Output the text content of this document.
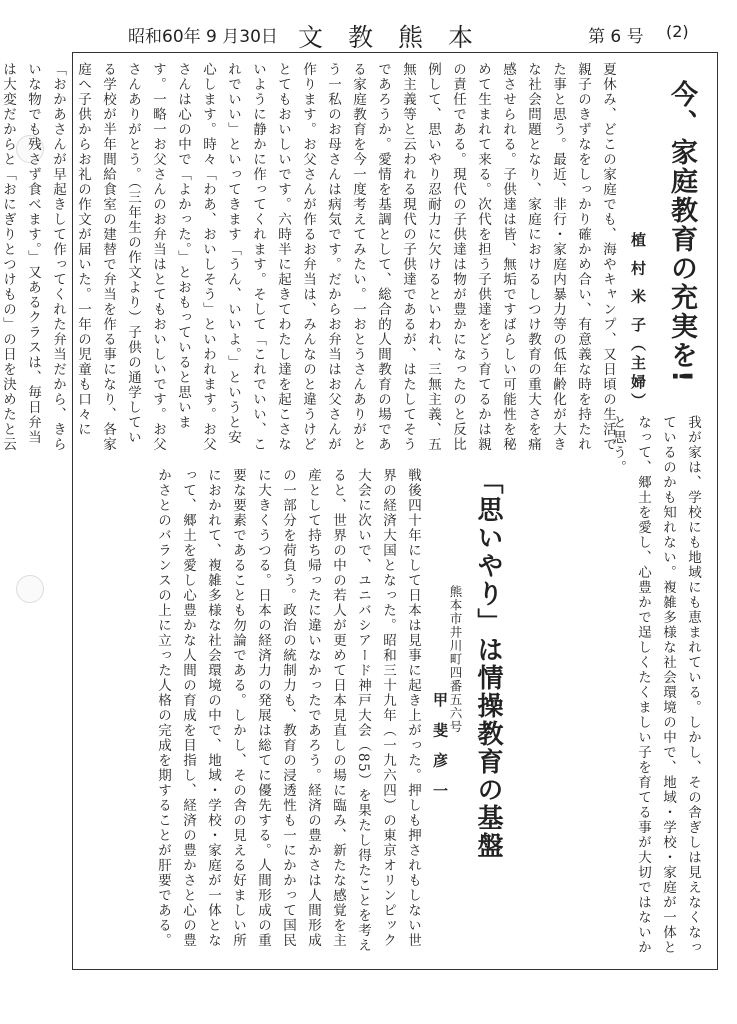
昭和60年 9 月30日 文教熊本	第 6 号 (2)
今、家庭教育の充実を!
植 村 米 子（主婦）
夏休み、どこの家庭でも、海やキャンプ、又日頃の生活で親子のきずなをしっかり確かめ合い、有意義な時を持たれた事と思う。最近、非行・家庭内暴力等の低年齢化が大きな社会問題となり、家庭におけるしつけ教育の重大さを痛感させられる。子供達は皆、無垢ですばらしい可能性を秘めて生まれて来る。次代を担う子供達をどう育てるかは親の責任である。現代の子供達は物が豊かになったのと反比例して、思いやり忍耐力に欠けるといわれ、三無主義、五無主義等と云われる現代の子供達であるが、はたしてそうであろうか。愛情を基調として、総合的人間教育の場である家庭教育を今一度考えてみたい。一おとうさんありがとう一私のお母さんは病気です。だからお弁当はお父さんが作ります。お父さんが作るお弁当は、みんなのと違うけどとてもおいしいです。六時半に起きてわたし達を起こさないように静かに作ってくれます。そして「これでいい、これでいい」といってきます「うん、いいよ。」というと安心します。時々「わあ、おいしそう」といわれます。お父さんは心の中で「よかった。」とおもっていると思います。一略一お父さんのお弁当はとてもおいしいです。お父さんありがとう。（三年生の作文より）子供の通学している学校が半年間給食室の建替で弁当を作る事になり、各家庭へ子供からお礼の作文が届いた。一年の児童も口々に「おかあさんが早起きして作ってくれた弁当だから、きらいな物でも残さず食べます。」又あるクラスは、毎日弁当は大変だからと「おにぎりとつけもの」の日を決めたと云
「思いやり」は情操教育の基盤
熊本市井川町四番五六号
甲 斐 彦 一	我が家は、学校にも地域にも恵まれている。しかし、その舎ぎしは見えなくなっているのかも知れない。複雑多様な社会環境の中で、地域・学校・家庭が一体となって、郷土を愛し、心豊かで逞しくたくましい子を育てる事が大切ではないかと思う。
戦後四十年にして日本は見事に起き上がった。押しも押されもしない世界の経済大国となった。昭和三十九年（一九六四）の東京オリンピック大会に次いで、ユニバシアード神戸大会（85）を果たし得たことを考えると、世界の中の若人が更めて日本見直しの場に臨み、新たな感覚を主産として持ち帰ったに違いなかったであろう。経済の豊かさは人間形成の一部分を荷負う。政治の統制力も、教育の浸透性も一にかかって国民に大きくうつる。日本の経済力の発展は総てに優先する。人間形成の重要な要素であることも勿論である。しかし、その舎の見える好ましい所におかれて、複雑多様な社会環境の中で、地域・学校・家庭が一体となって、郷土を愛し心豊かな人間の育成を目指し、経済の豊かさと心の豊かさとのバランスの上に立った人格の完成を期することが肝要である。
